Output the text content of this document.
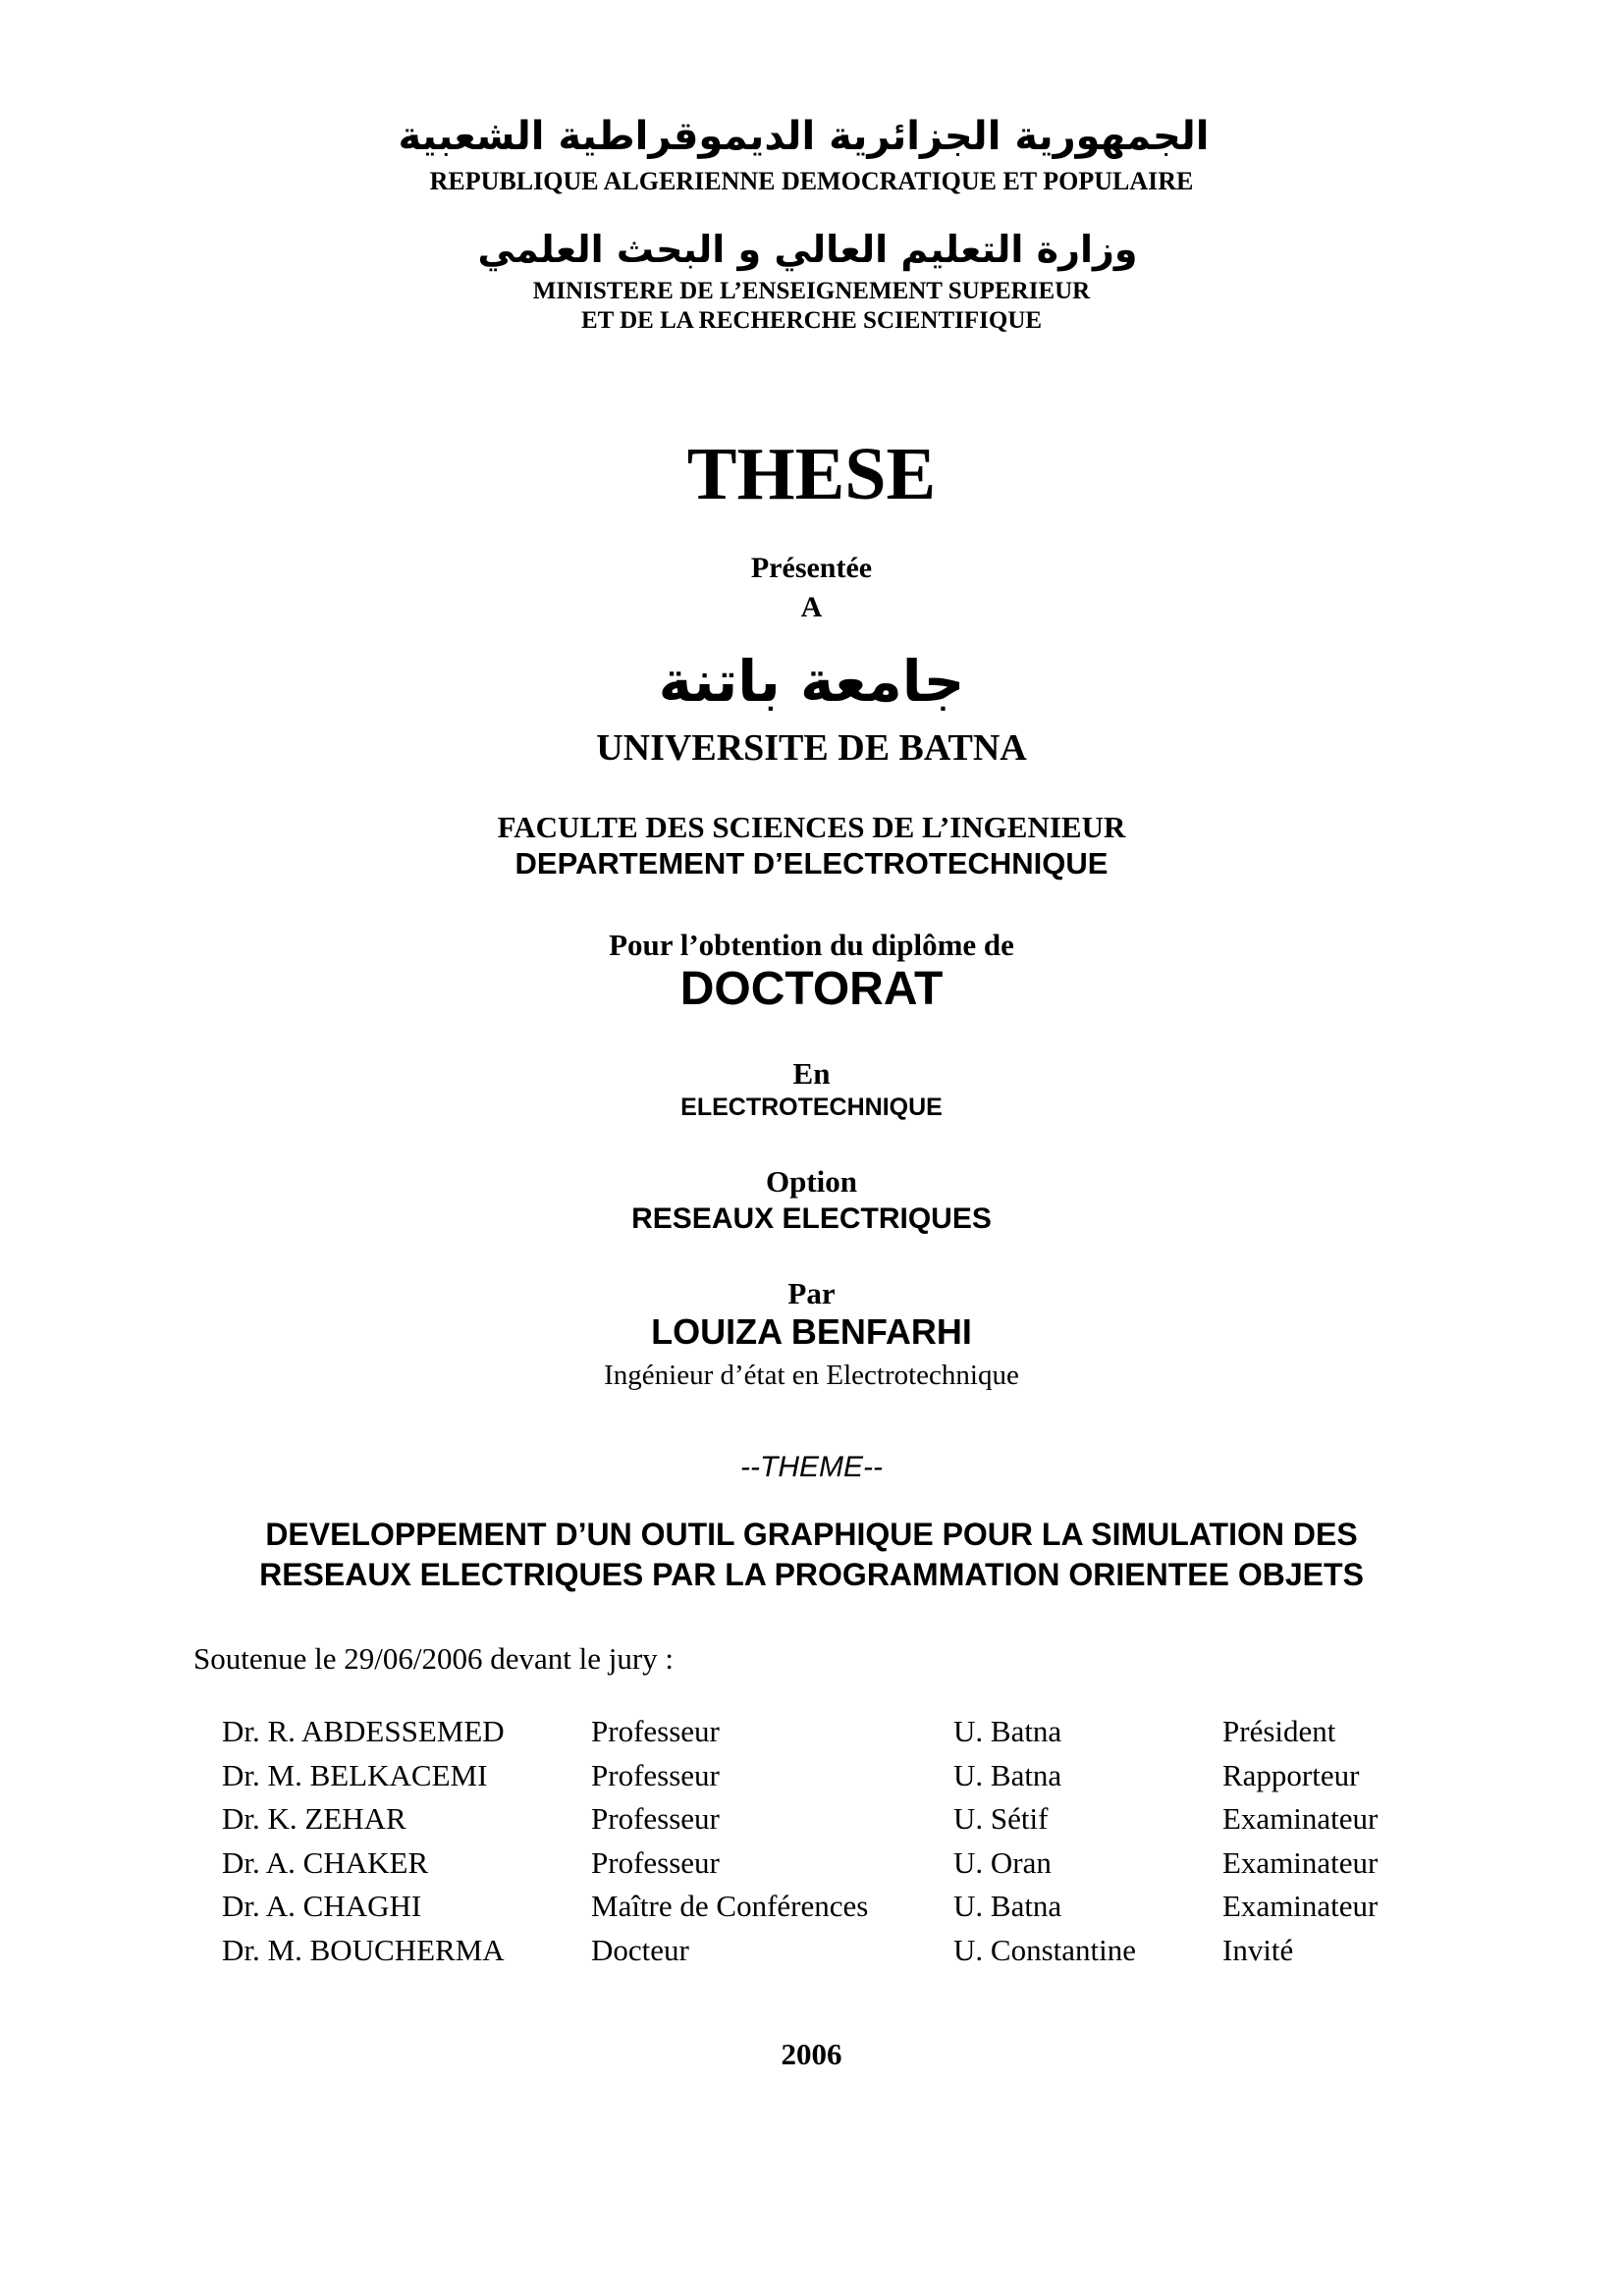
الجمهورية الجزائرية الديموقراطية الشعبية
REPUBLIQUE ALGERIENNE DEMOCRATIQUE ET POPULAIRE
وزارة التعليم العالي و البحث العلمي
MINISTERE DE L’ENSEIGNEMENT SUPERIEUR
ET DE LA RECHERCHE SCIENTIFIQUE
THESE
Présentée
A
جامعة باتنة
UNIVERSITE DE BATNA
FACULTE DES SCIENCES DE L’INGENIEUR
DEPARTEMENT D’ELECTROTECHNIQUE
Pour l’obtention du diplôme de
DOCTORAT
En
ELECTROTECHNIQUE
Option
RESEAUX ELECTRIQUES
Par
LOUIZA BENFARHI
Ingénieur d’état en Electrotechnique
--THEME--
DEVELOPPEMENT D’UN OUTIL GRAPHIQUE POUR LA SIMULATION DES
RESEAUX ELECTRIQUES PAR LA PROGRAMMATION ORIENTEE OBJETS
Soutenue le 29/06/2006 devant le jury :
Dr. R. ABDESSEMED	Professeur	U. Batna	Président
Dr. M. BELKACEMI	Professeur	U. Batna	Rapporteur
Dr. K. ZEHAR	Professeur	U. Sétif	Examinateur
Dr. A. CHAKER	Professeur	U. Oran	Examinateur
Dr. A. CHAGHI	Maître de Conférences	U. Batna	Examinateur
Dr. M. BOUCHERMA	Docteur	U. Constantine	Invité
2006
